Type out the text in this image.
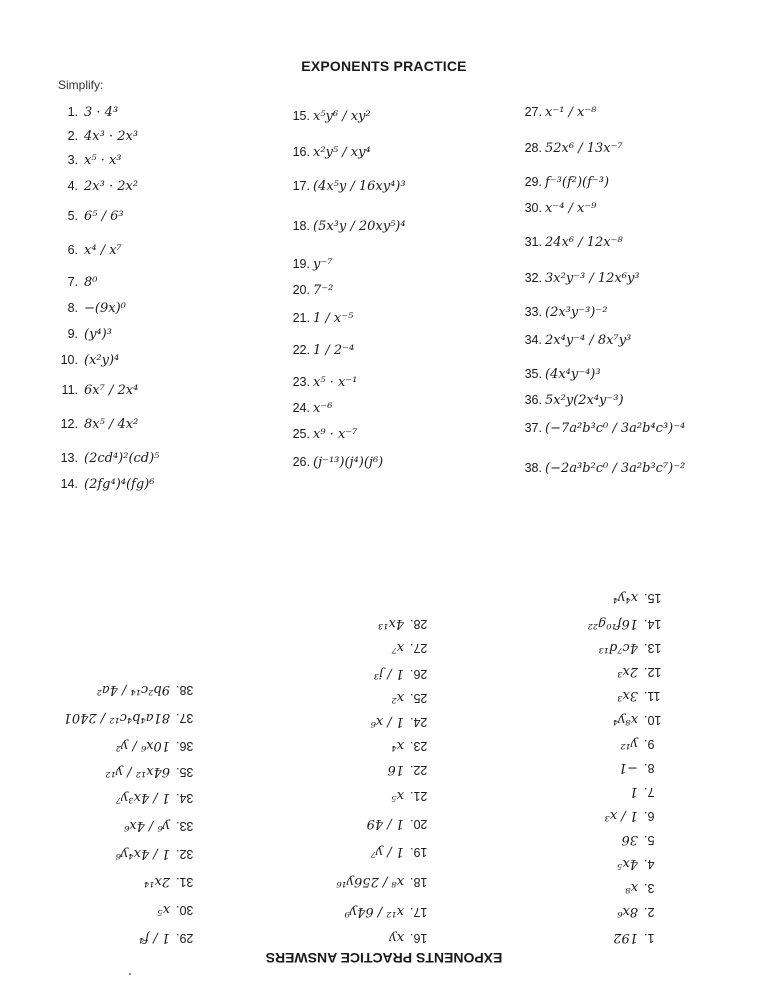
EXPONENTS PRACTICE
Simplify:
1. 3 · 4³
2. 4x³ · 2x³
3. x⁵ · x³
4. 2x³ · 2x²
5. 6⁵ / 6³
6. x⁴ / x⁷
7. 8⁰
8. −(9x)⁰
9. (y⁴)³
10. (x²y)⁴
11. 6x⁷ / 2x⁴
12. 8x⁵ / 4x²
13. (2cd⁴)²(cd)⁵
14. (2fg⁴)⁴(fg)⁶
15. x⁵y⁶ / xy²
16. x²y⁵ / xy⁴
17. (4x⁵y / 16xy⁴)³
18. (5x³y / 20xy⁵)⁴
19. y⁻⁷
20. 7⁻²
21. 1 / x⁻⁵
22. 1 / 2⁻⁴
23. x⁵ · x⁻¹
24. x⁻⁶
25. x⁹ · x⁻⁷
26. (j⁻¹³)(j⁴)(j⁶)
27. x⁻¹ / x⁻⁸
28. 52x⁶ / 13x⁻⁷
29. f⁻³(f²)(f⁻³)
30. x⁻⁴ / x⁻⁹
31. 24x⁶ / 12x⁻⁸
32. 3x²y⁻³ / 12x⁶y³
33. (2x³y⁻³)⁻²
34. 2x⁴y⁻⁴ / 8x⁷y³
35. (4x⁴y⁻⁴)³
36. 5x²y(2x⁴y⁻³)
37. (−7a²b³c⁰ / 3a²b⁴c³)⁻⁴
38. (−2a³b²c⁰ / 3a²b³c⁷)⁻²
EXPONENTS PRACTICE ANSWERS
1.192
2.8x⁶
3.x⁸
4.4x⁵
5.36
6.1 / x³
7.1
8.−1
9.y¹²
10.x⁸y⁴
11.3x³
12.2x³
13.4c⁷d¹³
14.16f¹⁰g²²
15.x⁴y⁴
16.xy
17.x¹² / 64y⁹
18.x⁸ / 256y¹⁶
19.1 / y⁷
20.1 / 49
21.x⁵
22.16
23.x⁴
24.1 / x⁶
25.x²
26.1 / j³
27.x⁷
28.4x¹³
29.1 / f⁴
30.x⁵
31.2x¹⁴
32.1 / 4x⁴y⁶
33.y⁶ / 4x⁶
34.1 / 4x³y⁷
35.64x¹² / y¹²
36.10x⁶ / y²
37.81a⁴b⁴c¹² / 2401
38.9b²c¹⁴ / 4a²
